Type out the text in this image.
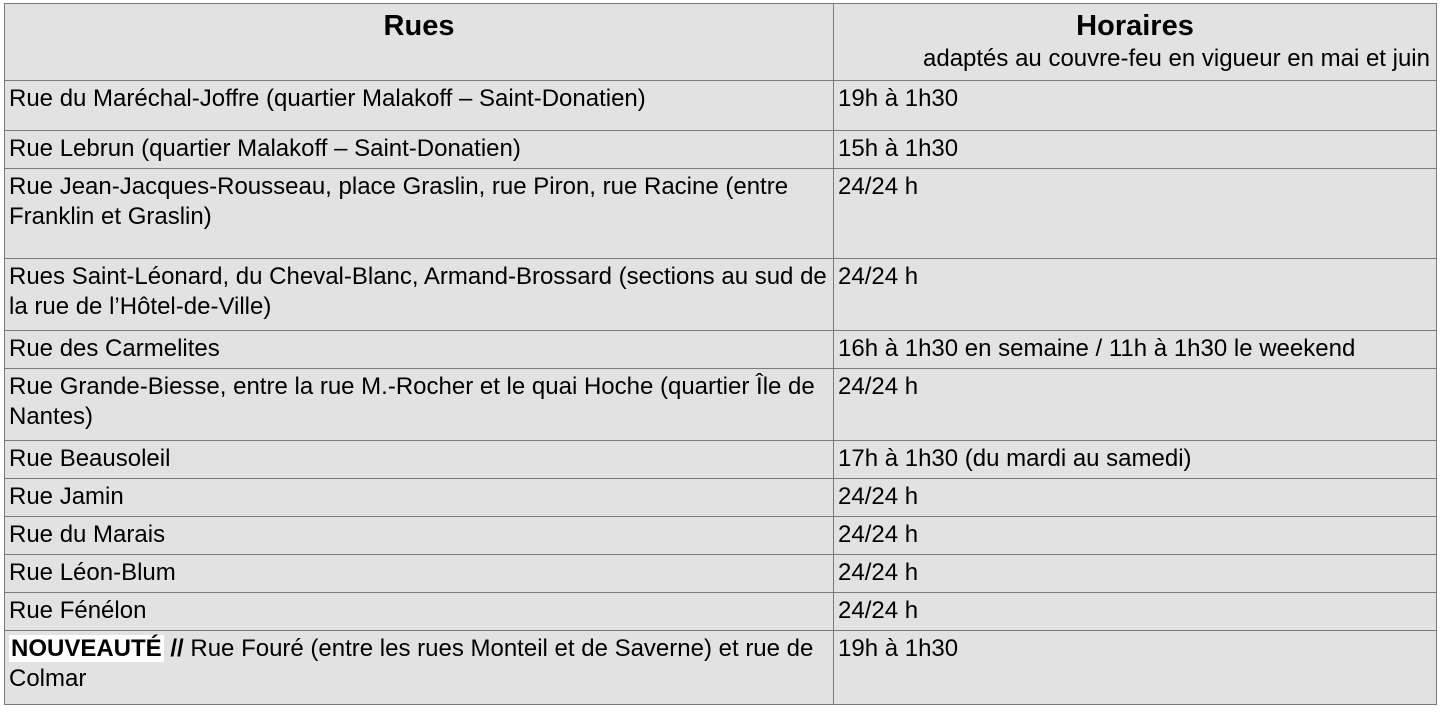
Rues	Horaires
adaptés au couvre-feu en vigueur en mai et juin

Rue du Maréchal-Joffre (quartier Malakoff – Saint-Donatien)	19h à 1h30
Rue Lebrun (quartier Malakoff – Saint-Donatien)	15h à 1h30
Rue Jean-Jacques-Rousseau, place Graslin, rue Piron, rue Racine (entre Franklin et Graslin)	24/24 h
Rues Saint-Léonard, du Cheval-Blanc, Armand-Brossard (sections au sud de la rue de l’Hôtel-de-Ville)	24/24 h
Rue des Carmelites	16h à 1h30 en semaine / 11h à 1h30 le weekend
Rue Grande-Biesse, entre la rue M.-Rocher et le quai Hoche (quartier Île de Nantes)	24/24 h
Rue Beausoleil	17h à 1h30 (du mardi au samedi)
Rue Jamin	24/24 h
Rue du Marais	24/24 h
Rue Léon-Blum	24/24 h
Rue Fénélon	24/24 h
NOUVEAUTÉ // Rue Fouré (entre les rues Monteil et de Saverne) et rue de Colmar	19h à 1h30
